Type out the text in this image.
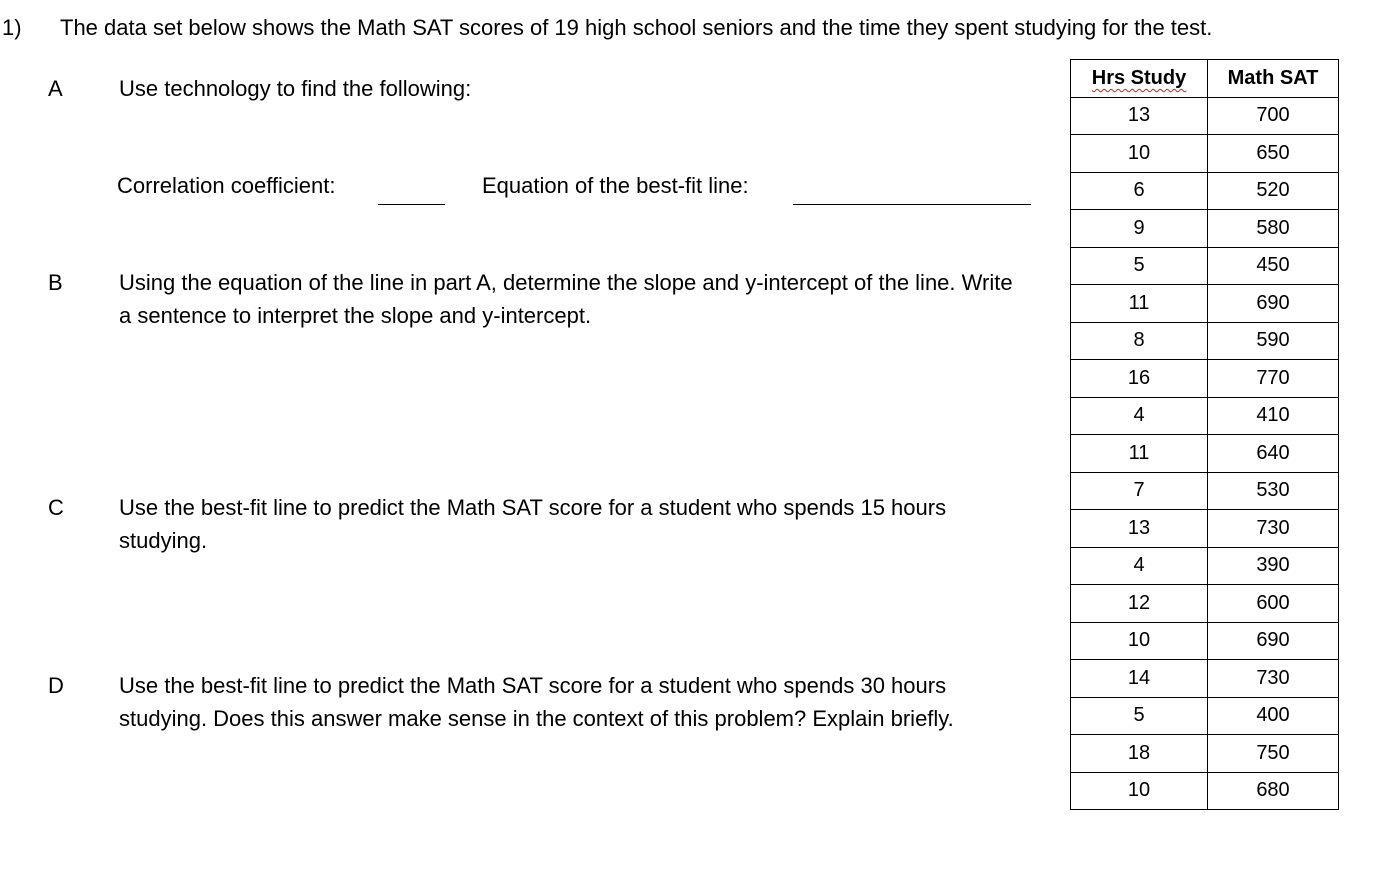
1) The data set below shows the Math SAT scores of 19 high school seniors and the time they spent studying for the test.
A	Use technology to find the following:
Correlation coefficient:	Equation of the best-fit line:
B	Using the equation of the line in part A, determine the slope and y-intercept of the line. Write a sentence to interpret the slope and y-intercept.
C	Use the best-fit line to predict the Math SAT score for a student who spends 15 hours studying.
D	Use the best-fit line to predict the Math SAT score for a student who spends 30 hours studying. Does this answer make sense in the context of this problem? Explain briefly.
Hrs Study	Math SAT
13	700
10	650
6	520
9	580
5	450
11	690
8	590
16	770
4	410
11	640
7	530
13	730
4	390
12	600
10	690
14	730
5	400
18	750
10	680
